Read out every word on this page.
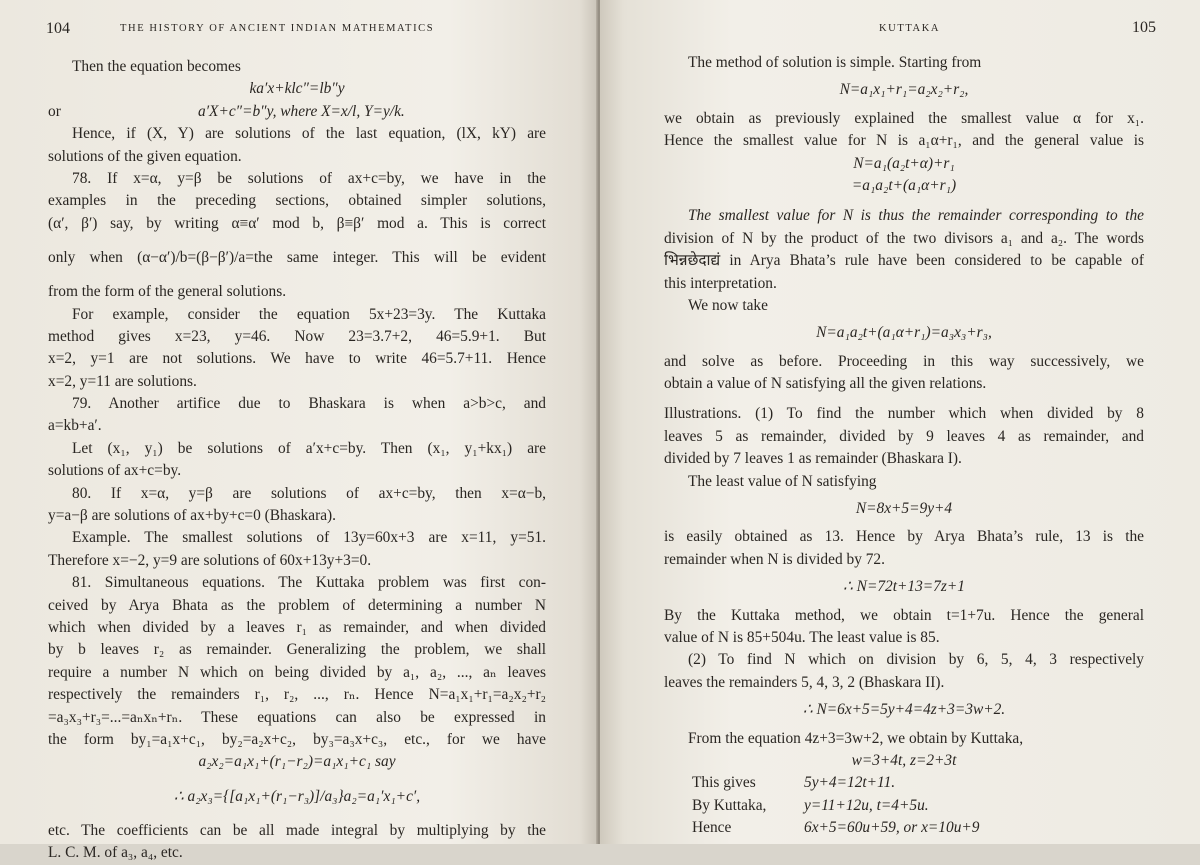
104	THE HISTORY OF ANCIENT INDIAN MATHEMATICS
Then the equation becomes
ka′x+klc″=lb″y
or	a′X+c″=b″y, where X=x/l, Y=y/k.
Hence, if (X, Y) are solutions of the last equation, (lX, kY) are
solutions of the given equation.
78. If x=α, y=β be solutions of ax+c=by, we have in the
examples in the preceding sections, obtained simpler solutions,
(α′, β′) say, by writing α≡α′ mod b, β≡β′ mod a. This is correct
only when (α−α′)/b=(β−β′)/a=the same integer. This will be evident
from the form of the general solutions.
For example, consider the equation 5x+23=3y. The Kuttaka
method gives x=23, y=46. Now 23=3.7+2, 46=5.9+1. But
x=2, y=1 are not solutions. We have to write 46=5.7+11. Hence
x=2, y=11 are solutions.
79. Another artifice due to Bhaskara is when a>b>c, and
a=kb+a′.
Let (x₁, y₁) be solutions of a′x+c=by. Then (x₁, y₁+kx₁) are
solutions of ax+c=by.
80. If x=α, y=β are solutions of ax+c=by, then x=α−b,
y=a−β are solutions of ax+by+c=0 (Bhaskara).
Example. The smallest solutions of 13y=60x+3 are x=11, y=51.
Therefore x=−2, y=9 are solutions of 60x+13y+3=0.
81. Simultaneous equations. The Kuttaka problem was first con-
ceived by Arya Bhata as the problem of determining a number N
which when divided by a leaves r₁ as remainder, and when divided
by b leaves r₂ as remainder. Generalizing the problem, we shall
require a number N which on being divided by a₁, a₂, ..., aₙ leaves
respectively the remainders r₁, r₂, ..., rₙ. Hence N=a₁x₁+r₁=a₂x₂+r₂
=a₃x₃+r₃=...=aₙxₙ+rₙ. These equations can also be expressed in
the form by₁=a₁x+c₁, by₂=a₂x+c₂, by₃=a₃x+c₃, etc., for we have
a₂x₂=a₁x₁+(r₁−r₂)=a₁x₁+c₁ say
∴ a₂x₃={[a₁x₁+(r₁−r₃)]/a₃}a₂=a₁′x₁+c′,
etc. The coefficients can be all made integral by multiplying by the
L. C. M. of a₃, a₄, etc.
KUTTAKA	105
The method of solution is simple. Starting from
N=a₁x₁+r₁=a₂x₂+r₂,
we obtain as previously explained the smallest value α for x₁.
Hence the smallest value for N is a₁α+r₁, and the general value is
N=a₁(a₂t+α)+r₁
=a₁a₂t+(a₁α+r₁)
The smallest value for N is thus the remainder corresponding to the
division of N by the product of the two divisors a₁ and a₂. The words
भिन्नछेदाद्यं in Arya Bhata’s rule have been considered to be capable of
this interpretation.
We now take
N=a₁a₂t+(a₁α+r₁)=a₃x₃+r₃,
and solve as before. Proceeding in this way successively, we
obtain a value of N satisfying all the given relations.
Illustrations. (1) To find the number which when divided by 8
leaves 5 as remainder, divided by 9 leaves 4 as remainder, and
divided by 7 leaves 1 as remainder (Bhaskara I).
The least value of N satisfying
N=8x+5=9y+4
is easily obtained as 13. Hence by Arya Bhata’s rule, 13 is the
remainder when N is divided by 72.
∴ N=72t+13=7z+1
By the Kuttaka method, we obtain t=1+7u. Hence the general
value of N is 85+504u. The least value is 85.
(2) To find N which on division by 6, 5, 4, 3 respectively
leaves the remainders 5, 4, 3, 2 (Bhaskara II).
∴ N=6x+5=5y+4=4z+3=3w+2.
From the equation 4z+3=3w+2, we obtain by Kuttaka,
w=3+4t, z=2+3t
This gives	5y+4=12t+11.
By Kuttaka,	y=11+12u, t=4+5u.
Hence	6x+5=60u+59, or x=10u+9
